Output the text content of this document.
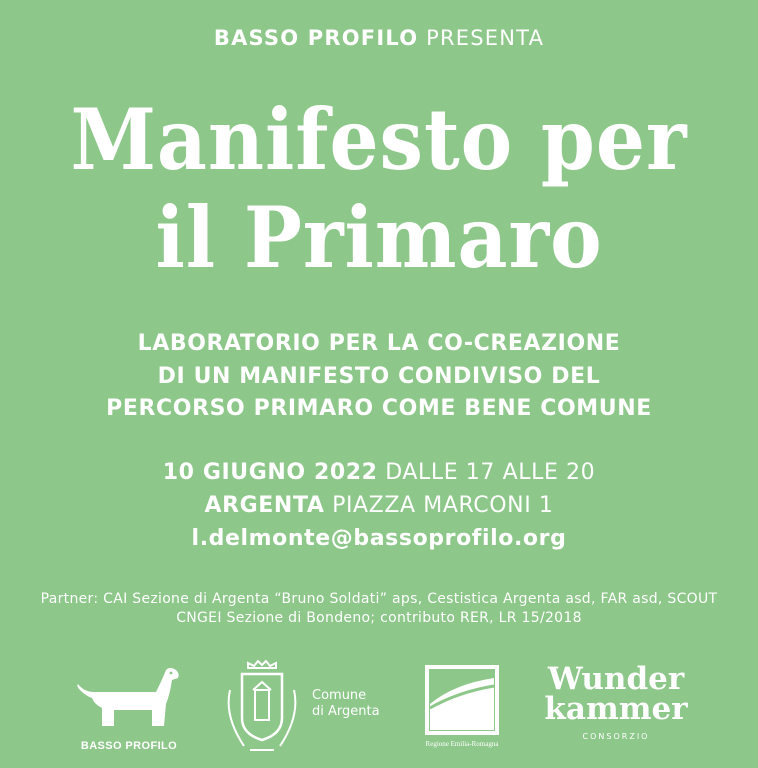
BASSO PROFILO PRESENTA
Manifesto per
il Primaro
LABORATORIO PER LA CO-CREAZIONE
DI UN MANIFESTO CONDIVISO DEL
PERCORSO PRIMARO COME BENE COMUNE
10 GIUGNO 2022 DALLE 17 ALLE 20
ARGENTA PIAZZA MARCONI 1
l.delmonte@bassoprofilo.org
Partner: CAI Sezione di Argenta “Bruno Soldati” aps, Cestistica Argenta asd, FAR asd, SCOUT CNGEI Sezione di Bondeno; contributo RER, LR 15/2018
BASSO PROFILO
Comune
di Argenta
Regione Emilia-Romagna
Wunder
kammer
CONSORZIO
